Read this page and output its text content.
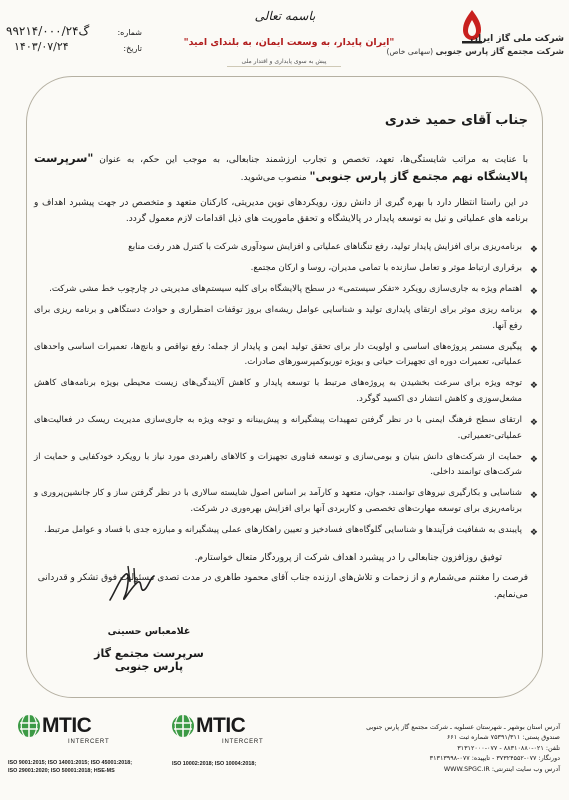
شرکت ملی گاز ایران
شرکت مجتمع گاز پارس جنوبی (سهامی خاص)
باسمه تعالی
"ایران پایدار، به وسعت ایمان، به بلندای امید"
پیش به سوی پایداری و اقتدار ملی
شماره:
۹۹۲۱۴/۰۰۰/گ۲۴
تاریخ:
۱۴۰۳/۰۷/۲۴
جناب آقای حمید خدری
با عنایت به مراتب شایستگی‌ها، تعهد، تخصص و تجارب ارزشمند جنابعالی، به موجب این حکم، به عنوان "سرپرست پالایشگاه نهم مجتمع گاز پارس جنوبی" منصوب می‌شوید.
در این راستا انتظار دارد با بهره گیری از دانش روز، رویکردهای نوین مدیریتی، کارکنان متعهد و متخصص در جهت پیشبرد اهداف و برنامه های عملیاتی و نیل به توسعه پایدار در پالایشگاه و تحقق ماموریت های ذیل اقدامات لازم معمول گردد.
❖
برنامه‌ریزی برای افزایش پایدار تولید، رفع تنگناهای عملیاتی و افزایش سودآوری شرکت با کنترل هدر رفت منابع
❖
برقراری ارتباط موثر و تعامل سازنده با تمامی مدیران، روسا و ارکان مجتمع.
❖
اهتمام ویژه به جاری‌سازی رویکرد «تفکر سیستمی» در سطح پالایشگاه برای کلیه سیستم‌های مدیریتی در چارچوب خط مشی شرکت.
❖
برنامه ریزی موثر برای ارتقای پایداری تولید و شناسایی عوامل ریشه‌ای بروز توقفات اضطراری و حوادث دستگاهی و برنامه ریزی برای رفع آنها.
❖
پیگیری مستمر پروژه‌های اساسی و اولویت دار برای تحقق تولید ایمن و پایدار از جمله: رفع نواقص و بانچ‌ها، تعمیرات اساسی واحدهای عملیاتی، تعمیرات دوره ای تجهیزات حیاتی و بویژه توربوکمپرسورهای صادرات.
❖
توجه ویژه برای سرعت بخشیدن به پروژه‌های مرتبط با توسعه پایدار و کاهش آلایندگی‌های زیست محیطی بویژه برنامه‌های کاهش مشعل‌سوزی و کاهش انتشار دی اکسید گوگرد.
❖
ارتقای سطح فرهنگ ایمنی با در نظر گرفتن تمهیدات پیشگیرانه و پیش‌بینانه و توجه ویژه به جاری‌سازی مدیریت ریسک در فعالیت‌های عملیاتی-تعمیراتی.
❖
حمایت از شرکت‌های دانش بنیان و بومی‌سازی و توسعه فناوری تجهیزات و کالاهای راهبردی مورد نیاز با رویکرد خودکفایی و حمایت از شرکت‌های توانمند داخلی.
❖
شناسایی و بکارگیری نیروهای توانمند، جوان، متعهد و کارآمد بر اساس اصول شایسته سالاری با در نظر گرفتن ساز و کار جانشین‌پروری و برنامه‌ریزی برای توسعه مهارت‌های تخصصی و کاربردی آنها برای افزایش بهره‌وری در شرکت.
❖
پایبندی به شفافیت فرآیندها و شناسایی گلوگاه‌های فسادخیز و تعیین راهکارهای عملی پیشگیرانه و مبارزه جدی با فساد و عوامل مرتبط.
توفیق روزافزون جنابعالی را در پیشبرد اهداف شرکت از پروردگار متعال خواستارم.
فرصت را مغتنم می‌شمارم و از زحمات و تلاش‌های ارزنده جناب آقای محمود طاهری در مدت تصدی مسئولیت فوق تشکر و قدردانی می‌نمایم.
غلامعباس حسینی
سرپرست مجتمع گاز پارس جنوبی
MTIC
INTERCERT
MTIC
INTERCERT
ISO 9001:2015; ISO 14001:2015; ISO 45001:2018;
ISO 29001:2020; ISO 50001:2018; HSE-MS
ISO 10002:2018; ISO 10004:2018;
آدرس استان بوشهر ـ شهرستان عسلویه ـ شرکت مجتمع گاز پارس جنوبی
صندوق پستی: ۷۵۳۹۱/۳۱۱ شماره ثبت ۶۶۱
تلفن: ۰۲۱-۸۸۳۱۰۸۸۰ - ۰۷۷-۳۱۳۱۲۰۰۰
دورنگار: ۰۷۷-۳۷۳۲۴۵۵۲ - تایپیده: ۰۷۷-۳۱۳۱۳۹۹۸
آدرس وب سایت اینترنتی: WWW.SPGC.IR
